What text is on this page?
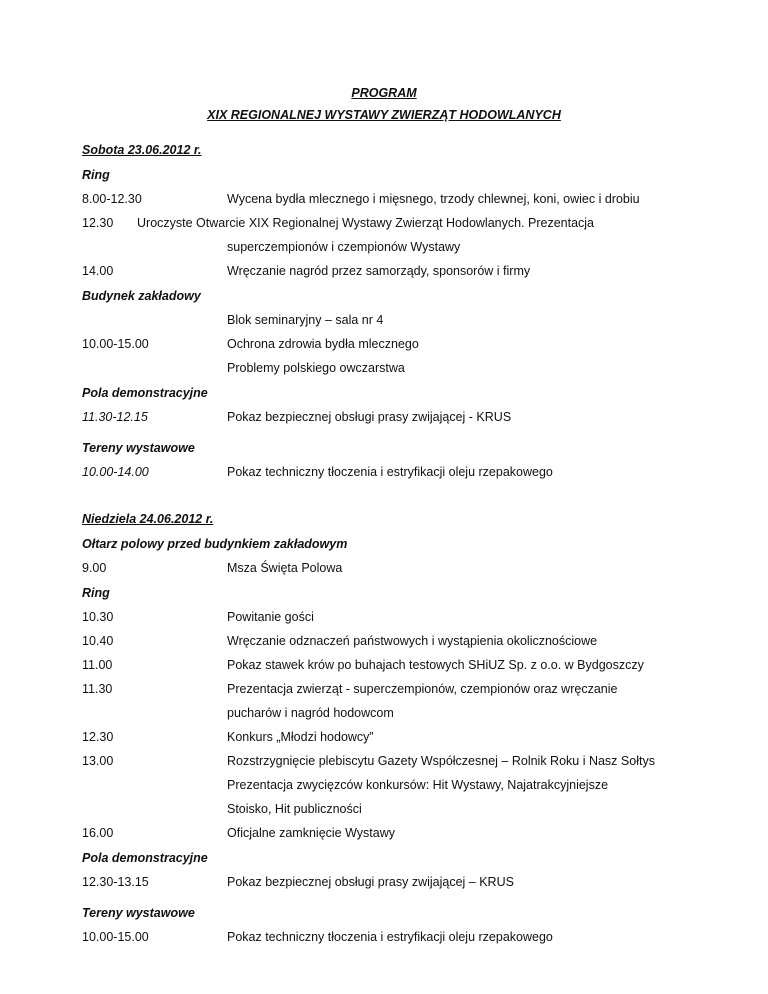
PROGRAM
XIX REGIONALNEJ WYSTAWY ZWIERZĄT HODOWLANYCH
Sobota 23.06.2012 r.
Ring
8.00-12.30	Wycena bydła mlecznego i mięsnego, trzody chlewnej, koni, owiec i drobiu
12.30 Uroczyste Otwarcie XIX Regionalnej Wystawy Zwierząt Hodowlanych. Prezentacja
superczempionów i czempionów Wystawy
14.00	Wręczanie nagród przez samorządy, sponsorów i firmy
Budynek zakładowy
Blok seminaryjny – sala nr 4
10.00-15.00	Ochrona zdrowia bydła mlecznego
Problemy polskiego owczarstwa
Pola demonstracyjne
11.30-12.15	Pokaz bezpiecznej obsługi prasy zwijającej - KRUS
Tereny wystawowe
10.00-14.00	Pokaz techniczny tłoczenia i estryfikacji oleju rzepakowego
Niedziela 24.06.2012 r.
Ołtarz polowy przed budynkiem zakładowym
9.00	Msza Święta Polowa
Ring
10.30	Powitanie gości
10.40	Wręczanie odznaczeń państwowych i wystąpienia okolicznościowe
11.00	Pokaz stawek krów po buhajach testowych SHiUZ Sp. z o.o. w Bydgoszczy
11.30	Prezentacja zwierząt - superczempionów, czempionów oraz wręczanie
pucharów i nagród hodowcom
12.30	Konkurs „Młodzi hodowcy”
13.00	Rozstrzygnięcie plebiscytu Gazety Współczesnej – Rolnik Roku i Nasz Sołtys
Prezentacja zwycięzców konkursów: Hit Wystawy, Najatrakcyjniejsze
Stoisko, Hit publiczności
16.00	Oficjalne zamknięcie Wystawy
Pola demonstracyjne
12.30-13.15	Pokaz bezpiecznej obsługi prasy zwijającej – KRUS
Tereny wystawowe
10.00-15.00	Pokaz techniczny tłoczenia i estryfikacji oleju rzepakowego
